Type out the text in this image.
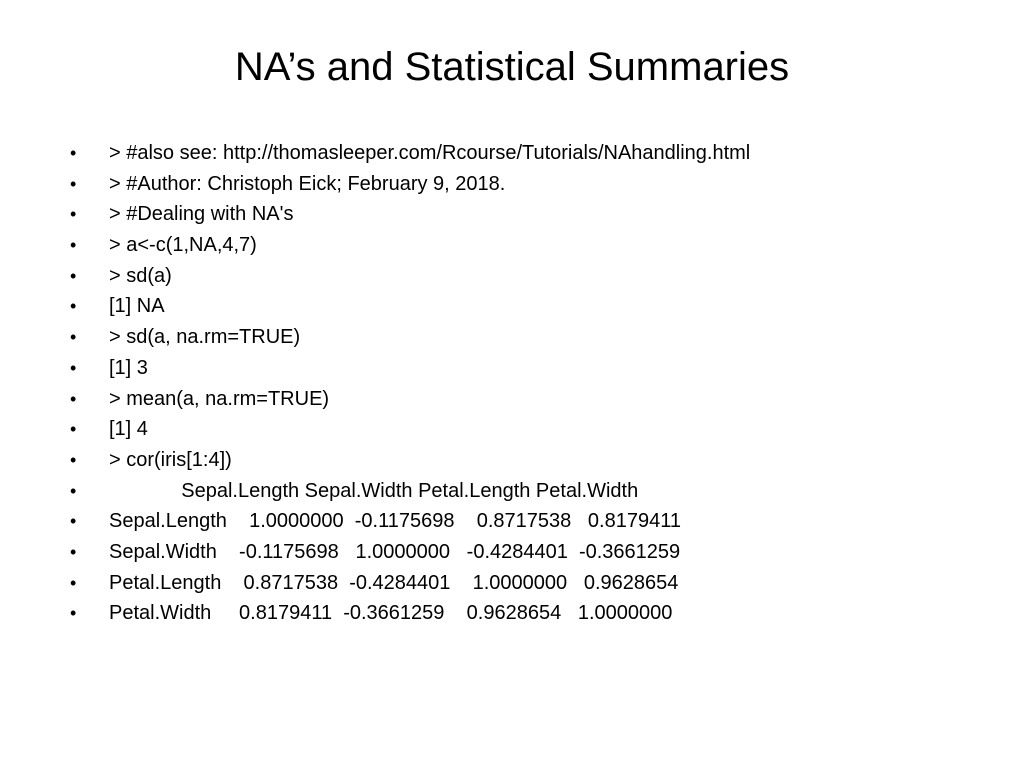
NA’s and Statistical Summaries
•	> #also see: http://thomasleeper.com/Rcourse/Tutorials/NAhandling.html
•	> #Author: Christoph Eick; February 9, 2018.
•	> #Dealing with NA's
•	> a<-c(1,NA,4,7)
•	> sd(a)
•	[1] NA
•	> sd(a, na.rm=TRUE)
•	[1] 3
•	> mean(a, na.rm=TRUE)
•	[1] 4
•	> cor(iris[1:4])
•	Sepal.Length Sepal.Width Petal.Length Petal.Width
•	Sepal.Length    1.0000000  -0.1175698    0.8717538   0.8179411
•	Sepal.Width    -0.1175698   1.0000000   -0.4284401  -0.3661259
•	Petal.Length    0.8717538  -0.4284401    1.0000000   0.9628654
•	Petal.Width     0.8179411  -0.3661259    0.9628654   1.0000000
